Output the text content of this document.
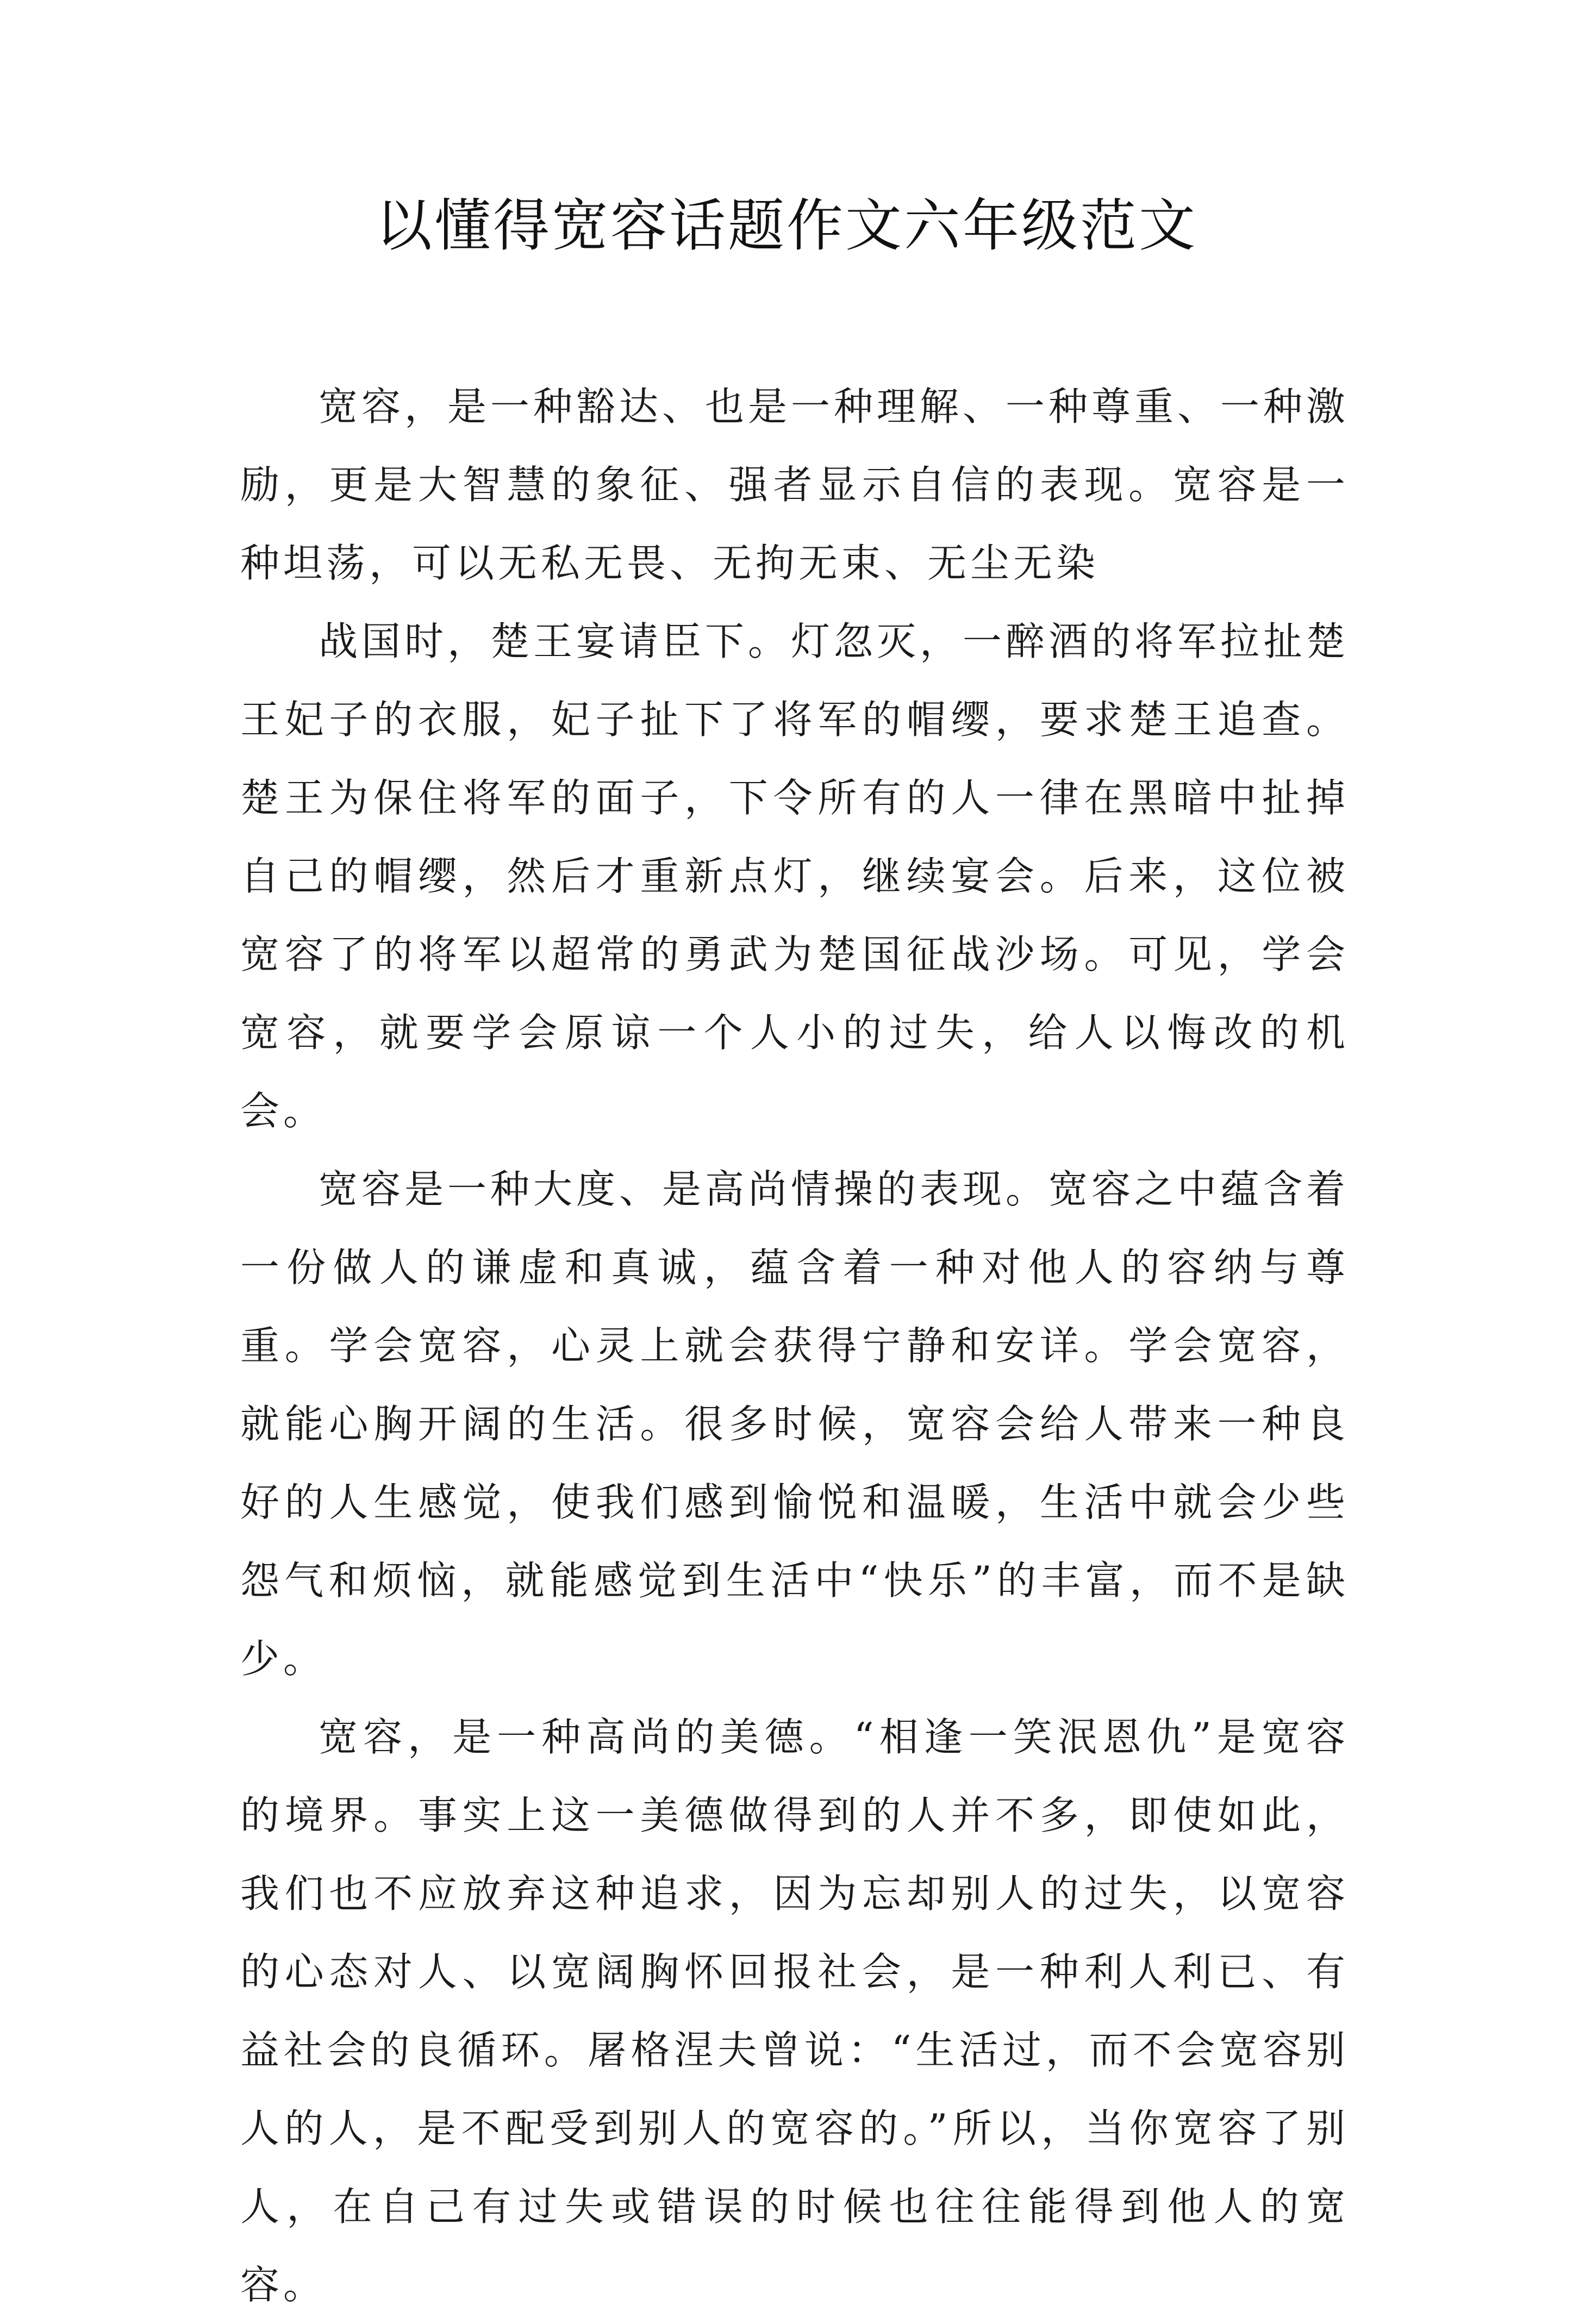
以懂得宽容话题作文六年级范文

宽容，是一种豁达、也是一种理解、一种尊重、一种激励，更是大智慧的象征、强者显示自信的表现。宽容是一种坦荡，可以无私无畏、无拘无束、无尘无染

战国时，楚王宴请臣下。灯忽灭，一醉酒的将军拉扯楚王妃子的衣服，妃子扯下了将军的帽缨，要求楚王追查。楚王为保住将军的面子，下令所有的人一律在黑暗中扯掉自己的帽缨，然后才重新点灯，继续宴会。后来，这位被宽容了的将军以超常的勇武为楚国征战沙场。可见，学会宽容，就要学会原谅一个人小的过失，给人以悔改的机会。

宽容是一种大度、是高尚情操的表现。宽容之中蕴含着一份做人的谦虚和真诚，蕴含着一种对他人的容纳与尊重。学会宽容，心灵上就会获得宁静和安详。学会宽容，就能心胸开阔的生活。很多时候，宽容会给人带来一种良好的人生感觉，使我们感到愉悦和温暖，生活中就会少些怨气和烦恼，就能感觉到生活中“快乐”的丰富，而不是缺少。

宽容，是一种高尚的美德。“相逢一笑泯恩仇”是宽容的境界。事实上这一美德做得到的人并不多，即使如此，我们也不应放弃这种追求，因为忘却别人的过失，以宽容的心态对人、以宽阔胸怀回报社会，是一种利人利已、有益社会的良循环。屠格涅夫曾说：“生活过，而不会宽容别人的人，是不配受到别人的宽容的。”所以，当你宽容了别人，在自己有过失或错误的时候也往往能得到他人的宽容。
